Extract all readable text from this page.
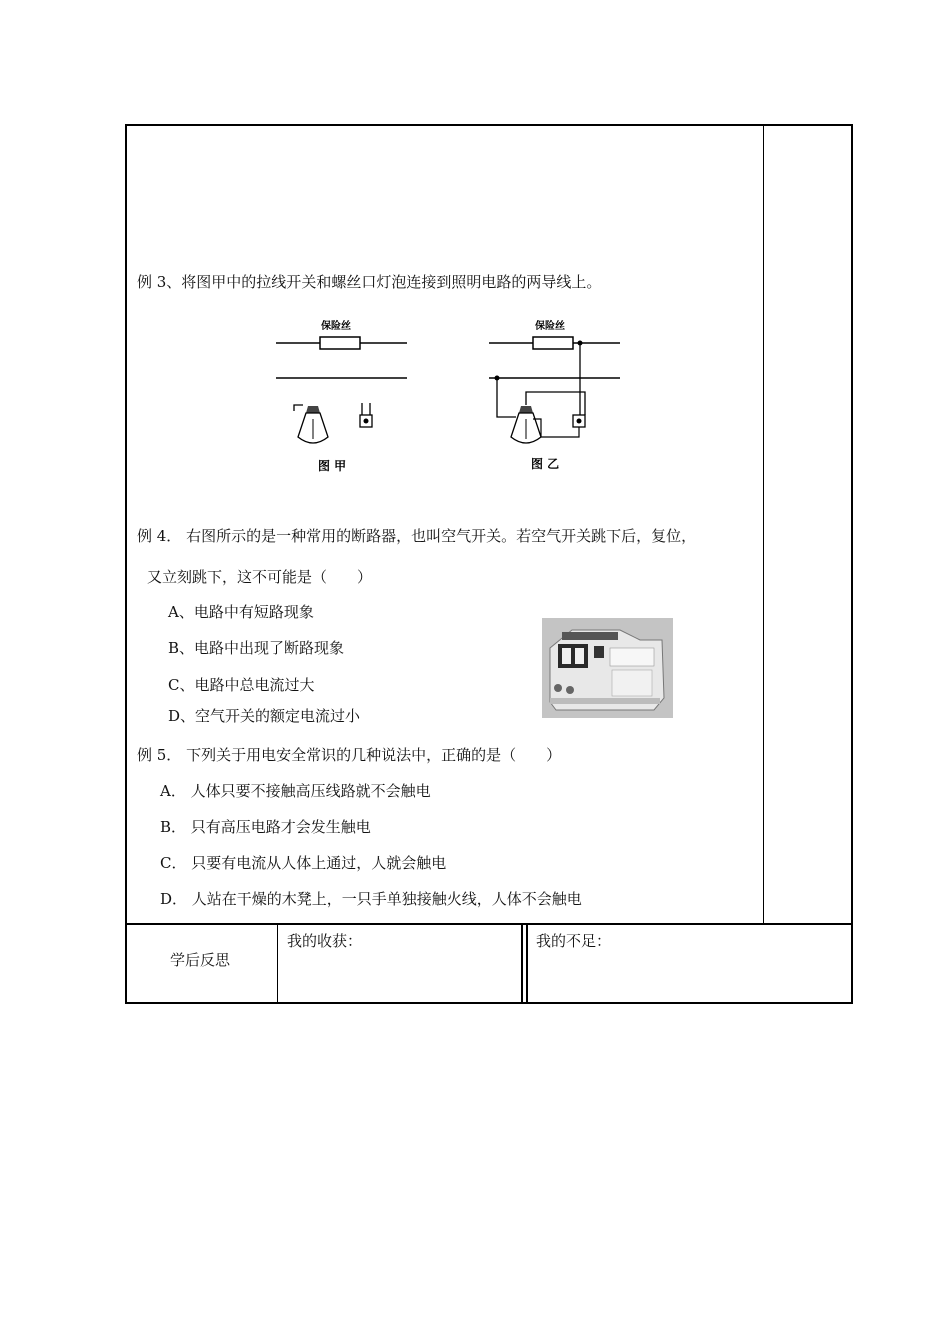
例 3、将图甲中的拉线开关和螺丝口灯泡连接到照明电路的两导线上。
保险丝
图 甲
保险丝
图 乙
例 4． 右图所示的是一种常用的断路器，也叫空气开关。若空气开关跳下后，复位，
又立刻跳下，这不可能是（　　）
A、电路中有短路现象
B、电路中出现了断路现象
C、电路中总电流过大
D、空气开关的额定电流过小
例 5． 下列关于用电安全常识的几种说法中，正确的是（　　）
A． 人体只要不接触高压线路就不会触电
B． 只有高压电路才会发生触电
C． 只要有电流从人体上通过，人就会触电
D． 人站在干燥的木凳上，一只手单独接触火线，人体不会触电
学后反思
我的收获：	我的不足：
